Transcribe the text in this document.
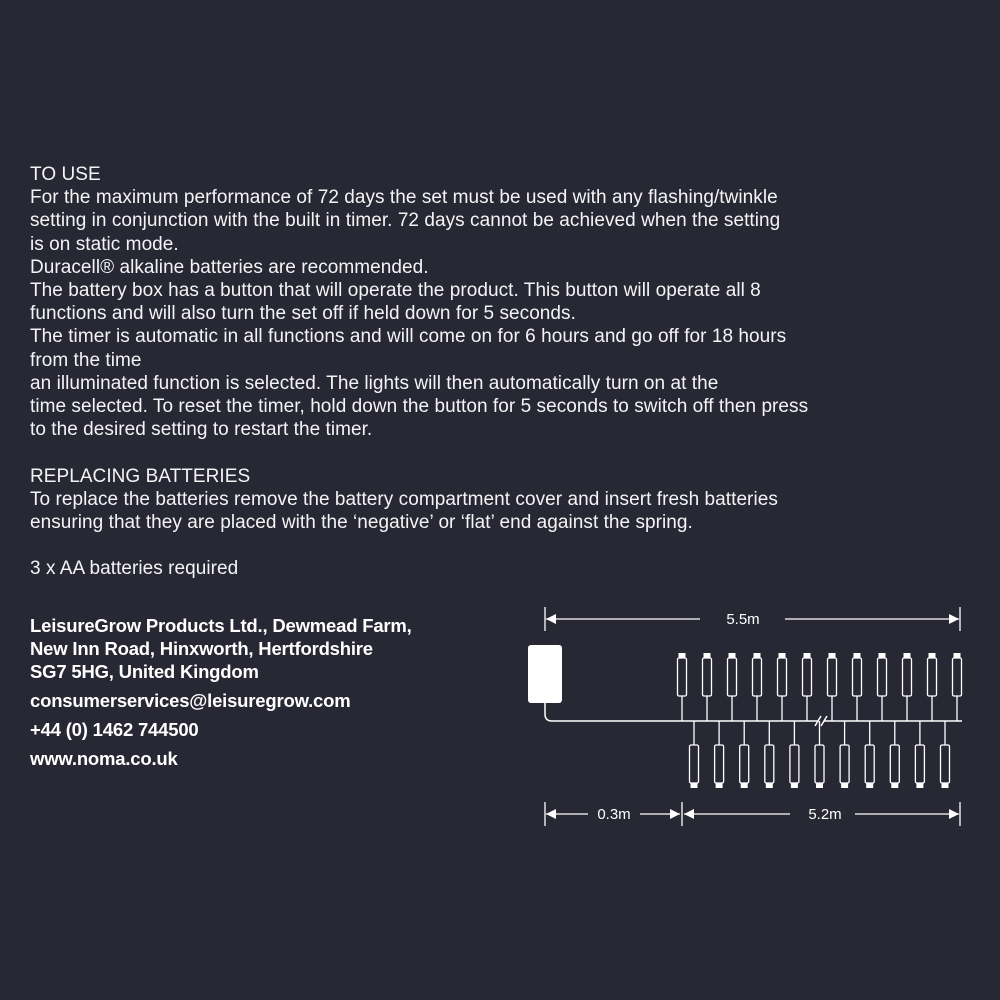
TO USE

For the maximum performance of 72 days the set must be used with any flashing/twinkle

setting in conjunction with the built in timer. 72 days cannot be achieved when the setting

is on static mode.

Duracell® alkaline batteries are recommended.

The battery box has a button that will operate the product. This button will operate all 8

functions and will also turn the set off if held down for 5 seconds.

The timer is automatic in all functions and will come on for 6 hours and go off for 18 hours

from the time

an illuminated function is selected. The lights will then automatically turn on at the

time selected. To reset the timer, hold down the button for 5 seconds to switch off then press

to the desired setting to restart the timer.

REPLACING BATTERIES

To replace the batteries remove the battery compartment cover and insert fresh batteries

ensuring that they are placed with the ‘negative’ or ‘flat’ end against the spring.

3 x AA batteries required

LeisureGrow Products Ltd., Dewmead Farm,

New Inn Road, Hinxworth, Hertfordshire

SG7 5HG, United Kingdom

consumerservices@leisuregrow.com

+44 (0) 1462 744500

www.noma.co.uk

5.5m
0.3m	5.2m
